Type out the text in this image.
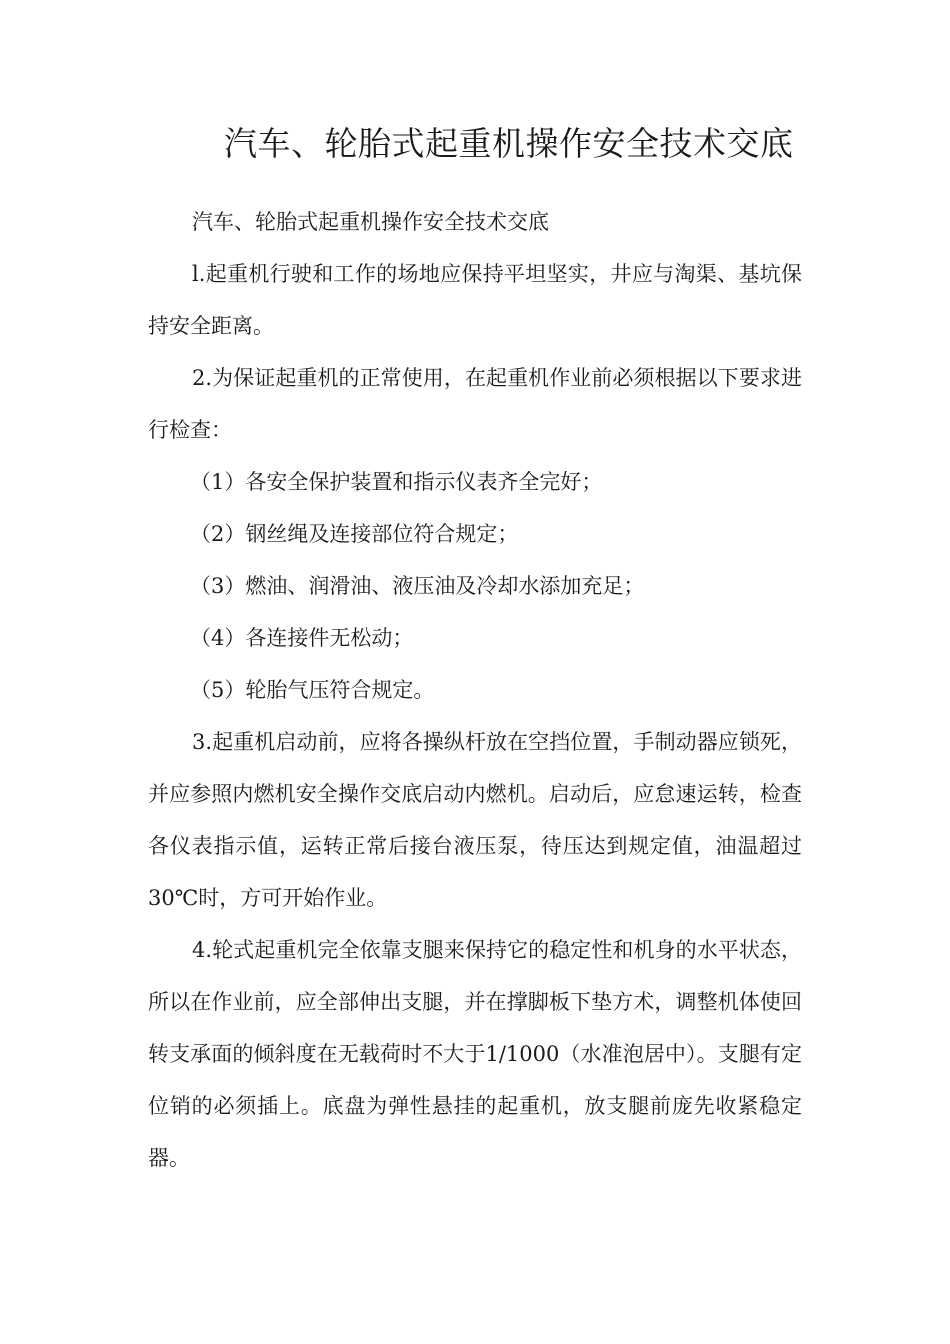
汽车、轮胎式起重机操作安全技术交底

汽车、轮胎式起重机操作安全技术交底

l.起重机行驶和工作的场地应保持平坦坚实，井应与淘渠、基坑保持安全距离。

2.为保证起重机的正常使用，在起重机作业前必须根据以下要求进行检查：

（1）各安全保护装置和指示仪表齐全完好；

（2）钢丝绳及连接部位符合规定；

（3）燃油、润滑油、液压油及冷却水添加充足；

（4）各连接件无松动；

（5）轮胎气压符合规定。

3.起重机启动前，应将各操纵杆放在空挡位置，手制动器应锁死，并应参照内燃机安全操作交底启动内燃机。启动后，应怠速运转，检查各仪表指示值，运转正常后接台液压泵，待压达到规定值，油温超过30℃时，方可开始作业。

4.轮式起重机完全依靠支腿来保持它的稳定性和机身的水平状态，所以在作业前，应全部伸出支腿，并在撑脚板下垫方术，调整机体使回转支承面的倾斜度在无载荷时不大于1/1000（水准泡居中）。支腿有定位销的必须插上。底盘为弹性悬挂的起重机，放支腿前庞先收紧稳定器。
